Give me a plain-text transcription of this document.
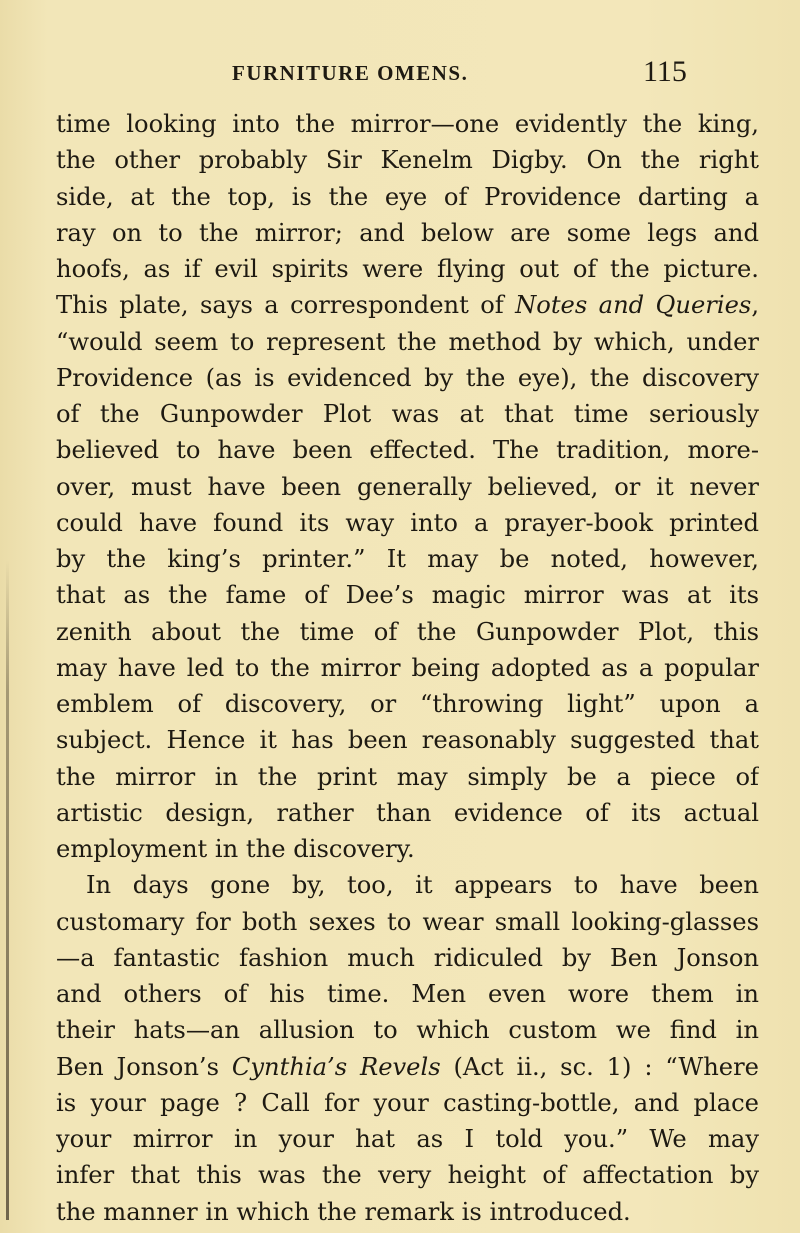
FURNITURE OMENS.	115
time looking into the mirror—one evidently the king,
the other probably Sir Kenelm Digby. On the right
side, at the top, is the eye of Providence darting a
ray on to the mirror; and below are some legs and
hoofs, as if evil spirits were flying out of the picture.
This plate, says a correspondent of Notes and Queries,
“would seem to represent the method by which, under
Providence (as is evidenced by the eye), the discovery
of the Gunpowder Plot was at that time seriously
believed to have been effected. The tradition, more-
over, must have been generally believed, or it never
could have found its way into a prayer-book printed
by the king’s printer.” It may be noted, however,
that as the fame of Dee’s magic mirror was at its
zenith about the time of the Gunpowder Plot, this
may have led to the mirror being adopted as a popular
emblem of discovery, or “throwing light” upon a
subject. Hence it has been reasonably suggested that
the mirror in the print may simply be a piece of
artistic design, rather than evidence of its actual
employment in the discovery.
In days gone by, too, it appears to have been
customary for both sexes to wear small looking-glasses
—a fantastic fashion much ridiculed by Ben Jonson
and others of his time. Men even wore them in
their hats—an allusion to which custom we find in
Ben Jonson’s Cynthia’s Revels (Act ii., sc. 1) : “Where
is your page ? Call for your casting-bottle, and place
your mirror in your hat as I told you.” We may
infer that this was the very height of affectation by
the manner in which the remark is introduced.
